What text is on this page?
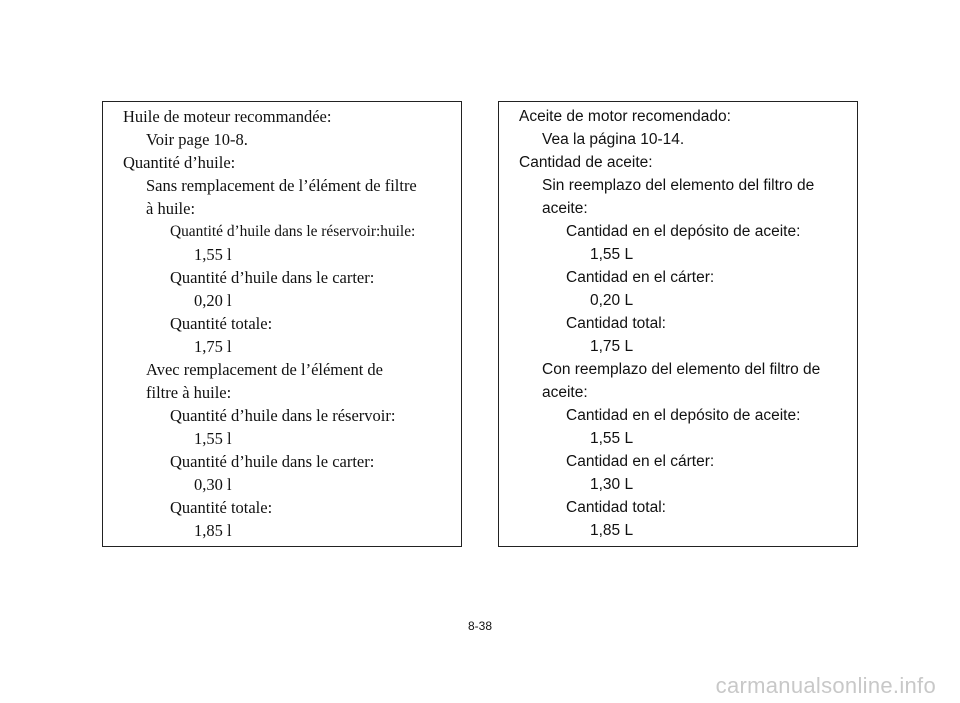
Huile de moteur recommandée:
Voir page 10-8.
Quantité d’huile:
Sans remplacement de l’élément de filtre
à huile:
Quantité d’huile dans le réservoir:huile:
1,55 l
Quantité d’huile dans le carter:
0,20 l
Quantité totale:
1,75 l
Avec remplacement de l’élément de
filtre à huile:
Quantité d’huile dans le réservoir:
1,55 l
Quantité d’huile dans le carter:
0,30 l
Quantité totale:
1,85 l
Aceite de motor recomendado:
Vea la página 10-14.
Cantidad de aceite:
Sin reemplazo del elemento del filtro de
aceite:
Cantidad en el depósito de aceite:
1,55 L
Cantidad en el cárter:
0,20 L
Cantidad total:
1,75 L
Con reemplazo del elemento del filtro de
aceite:
Cantidad en el depósito de aceite:
1,55 L
Cantidad en el cárter:
1,30 L
Cantidad total:
1,85 L
8-38
carmanualsonline.info
